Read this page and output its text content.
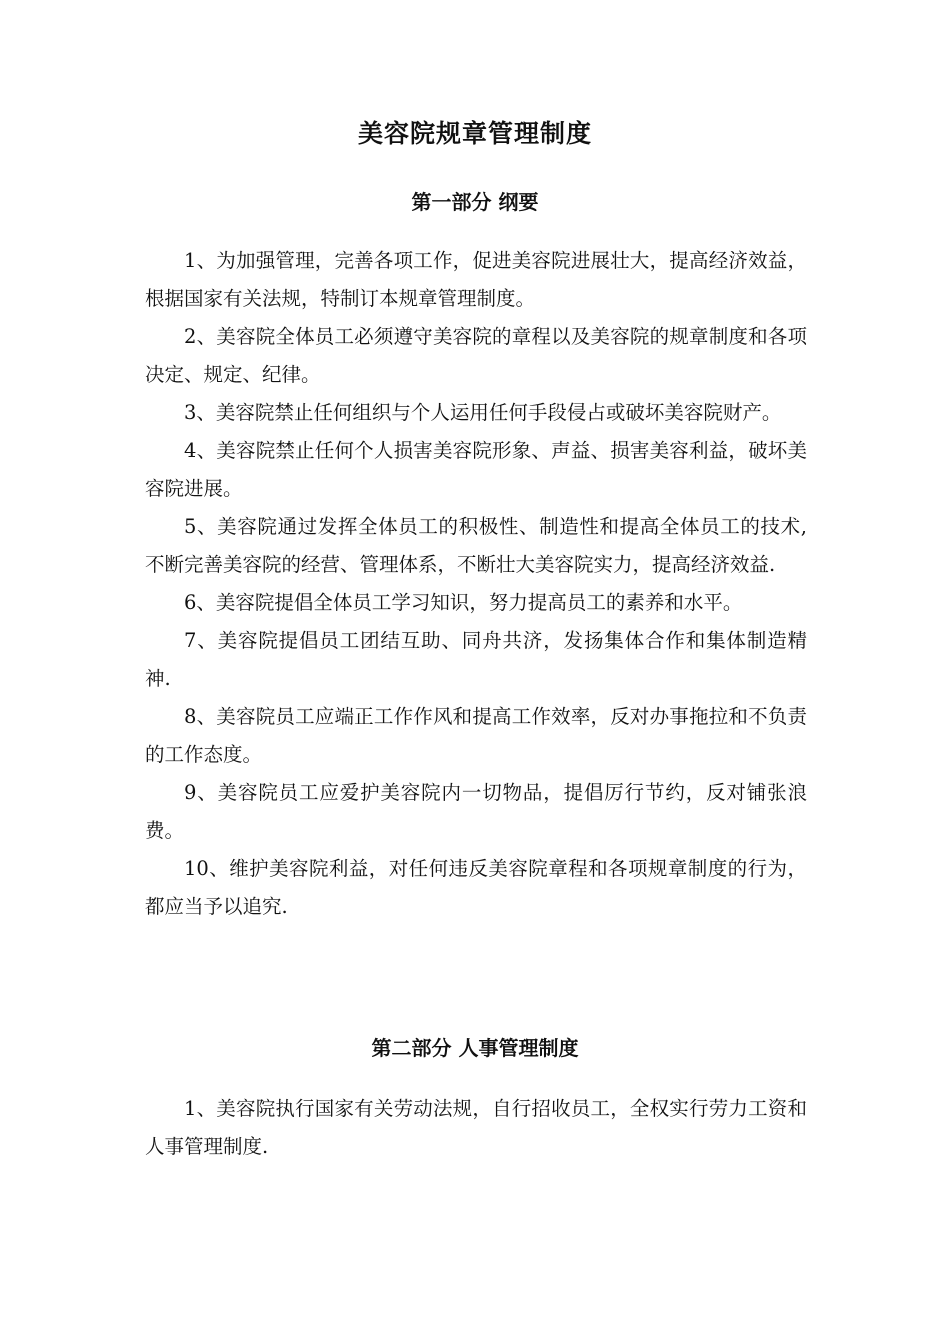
美容院规章管理制度
第一部分 纲要

1、为加强管理，完善各项工作，促进美容院进展壮大，提高经济效益，根据国家有关法规，特制订本规章管理制度。

2、美容院全体员工必须遵守美容院的章程以及美容院的规章制度和各项决定、规定、纪律。

3、美容院禁止任何组织与个人运用任何手段侵占或破坏美容院财产。

4、美容院禁止任何个人损害美容院形象、声益、损害美容利益，破坏美容院进展。

5、美容院通过发挥全体员工的积极性、制造性和提高全体员工的技术,不断完善美容院的经营、管理体系，不断壮大美容院实力，提高经济效益.

6、美容院提倡全体员工学习知识，努力提高员工的素养和水平。

7、美容院提倡员工团结互助、同舟共济，发扬集体合作和集体制造精神.

8、美容院员工应端正工作作风和提高工作效率，反对办事拖拉和不负责的工作态度。

9、美容院员工应爱护美容院内一切物品，提倡厉行节约，反对铺张浪费。

10、维护美容院利益，对任何违反美容院章程和各项规章制度的行为，都应当予以追究.

第二部分 人事管理制度

1、美容院执行国家有关劳动法规，自行招收员工，全权实行劳力工资和人事管理制度.
